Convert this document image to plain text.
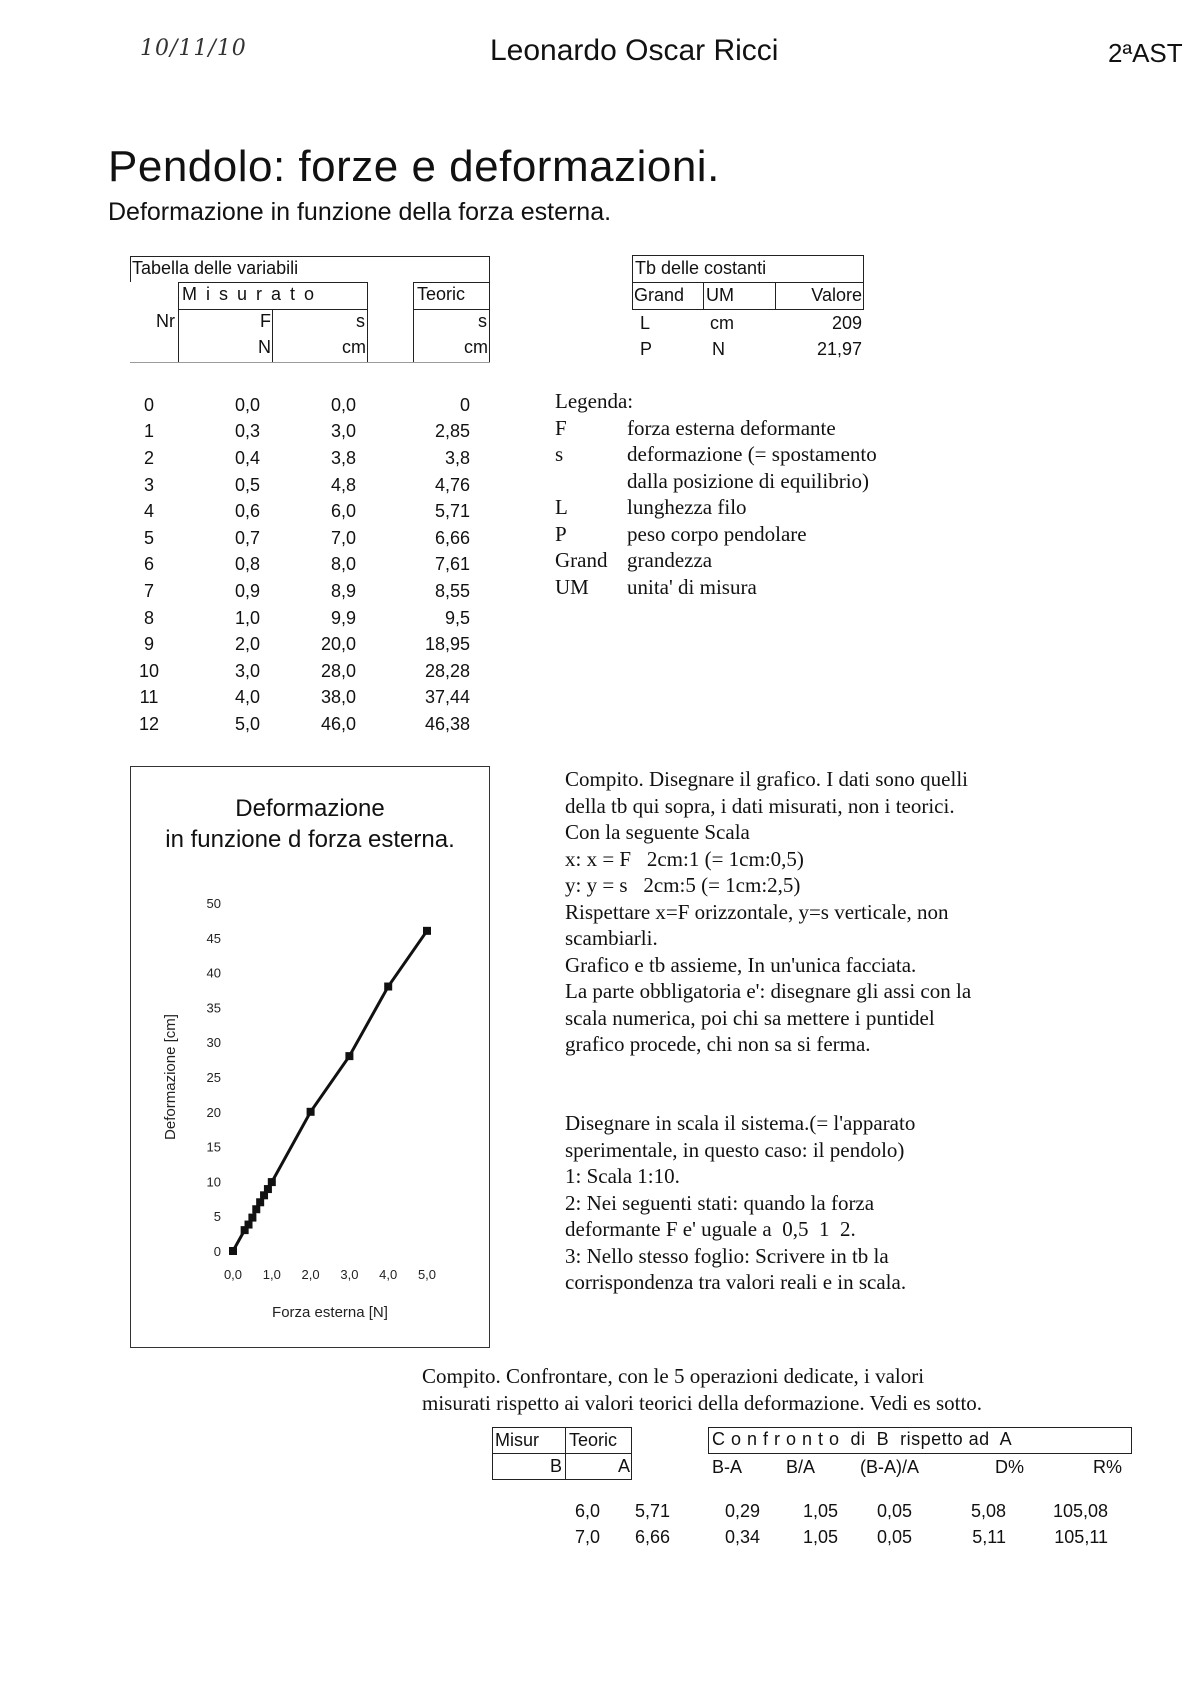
10/11/10	Leonardo Oscar Ricci	2ªAST
Pendolo: forze e deformazioni.
Deformazione in funzione della forza esterna.
Tabella delle variabili
M i s u r a t o	Teoric
Nr	F	s	s
N	cm	cm
0	0,0	0,0	0
1	0,3	3,0	2,85
2	0,4	3,8	3,8
3	0,5	4,8	4,76
4	0,6	6,0	5,71
5	0,7	7,0	6,66
6	0,8	8,0	7,61
7	0,9	8,9	8,55
8	1,0	9,9	9,5
9	2,0	20,0	18,95
10	3,0	28,0	28,28
11	4,0	38,0	37,44
12	5,0	46,0	46,38
Tb delle costanti
Grand UM	Valore
L	cm	209
P	N	21,97
Legenda:
F	forza esterna deformante
s	deformazione (= spostamento
dalla posizione di equilibrio)
L	lunghezza filo
P	peso corpo pendolare
Grand grandezza
UM	unita' di misura
Deformazione
in funzione d forza esterna.
0
5
10
15
20
25
30
35
40
45
50
0,0 1,0 2,0 3,0 4,0 5,0
Forza esterna [N]
Deformazione [cm]
Compito. Disegnare il grafico. I dati sono quelli
della tb qui sopra, i dati misurati, non i teorici.
Con la seguente Scala
x: x = F   2cm:1 (= 1cm:0,5)
y: y = s   2cm:5 (= 1cm:2,5)
Rispettare x=F orizzontale, y=s verticale, non
scambiarli.
Grafico e tb assieme, In un'unica facciata.
La parte obbligatoria e': disegnare gli assi con la
scala numerica, poi chi sa mettere i puntidel
grafico procede, chi non sa si ferma.
Disegnare in scala il sistema.(= l'apparato
sperimentale, in questo caso: il pendolo)
1: Scala 1:10.
2: Nei seguenti stati: quando la forza
deformante F e' uguale a  0,5  1  2.
3: Nello stesso foglio: Scrivere in tb la
corrispondenza tra valori reali e in scala.
Compito. Confrontare, con le 5 operazioni dedicate, i valori
misurati rispetto ai valori teorici della deformazione. Vedi es sotto.
Misur Teoric
B	A
C o n f r o n t o  di  B  rispetto ad  A
B-A B/A (B-A)/A	D%	R%
6,0	5,71	0,29	1,05	0,05	5,08	105,08
7,0	6,66	0,34	1,05	0,05	5,11	105,11
